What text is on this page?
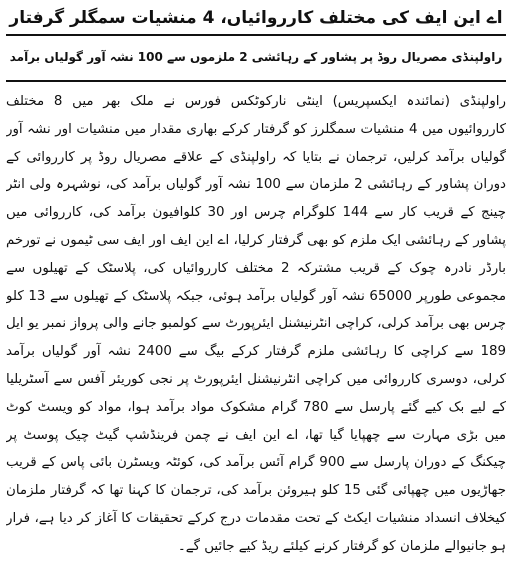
اے این ایف کی مختلف کارروائیاں، 4 منشیات سمگلر گرفتار
راولپنڈی مصریال روڈ پر پشاور کے رہائشی 2 ملزموں سے 100 نشہ آور گولیاں برآمد
راولپنڈی (نمائندہ ایکسپریس) اینٹی نارکوٹکس فورس نے ملک بھر میں 8 مختلف کارروائیوں میں 4 منشیات سمگلرز کو گرفتار کرکے بھاری مقدار میں منشیات اور نشہ آور گولیاں برآمد کرلیں، ترجمان نے بتایا کہ راولپنڈی کے علاقے مصریال روڈ پر کارروائی کے دوران پشاور کے رہائشی 2 ملزمان سے 100 نشہ آور گولیاں برآمد کی، نوشہرہ ولی انٹر چینج کے قریب کار سے 144 کلوگرام چرس اور 30 کلوافیون برآمد کی، کارروائی میں پشاور کے رہائشی ایک ملزم کو بھی گرفتار کرلیا، اے این ایف اور ایف سی ٹیموں نے تورخم بارڈر نادرہ چوک کے قریب مشترکہ 2 مختلف کارروائیاں کی، پلاسٹک کے تھیلوں سے مجموعی طورپر 65000 نشہ آور گولیاں برآمد ہوئی، جبکہ پلاسٹک کے تھیلوں سے 13 کلو چرس بھی برآمد کرلی، کراچی انٹرنیشنل ایئرپورٹ سے کولمبو جانے والی پرواز نمبر یو ایل 189 سے کراچی کا رہائشی ملزم گرفتار کرکے بیگ سے 2400 نشہ آور گولیاں برآمد کرلی، دوسری کارروائی میں کراچی انٹرنیشنل ایئرپورٹ پر نجی کوریئر آفس سے آسٹریلیا کے لیے بک کیے گئے پارسل سے 780 گرام مشکوک مواد برآمد ہوا، مواد کو ویسٹ کوٹ میں بڑی مہارت سے چھپایا گیا تھا، اے این ایف نے چمن فرینڈشپ گیٹ چیک پوسٹ پر چیکنگ کے دوران پارسل سے 900 گرام آئس برآمد کی، کوئٹہ ویسٹرن بائی پاس کے قریب جھاڑیوں میں چھپائی گئی 15 کلو ہیروئن برآمد کی، ترجمان کا کہنا تھا کہ گرفتار ملزمان کیخلاف انسداد منشیات ایکٹ کے تحت مقدمات درج کرکے تحقیقات کا آغاز کر دیا ہے، فرار ہو جانیوالے ملزمان کو گرفتار کرنے کیلئے ریڈ کیے جائیں گے۔
